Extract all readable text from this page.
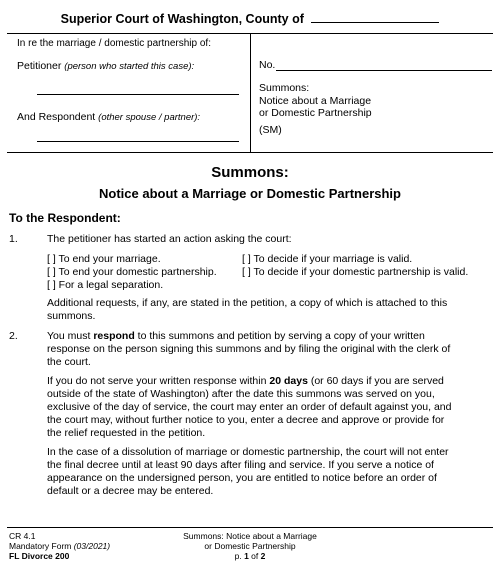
Superior Court of Washington, County of
In re the marriage / domestic partnership of:
Petitioner (person who started this case):
And Respondent (other spouse / partner):
No.
Summons:
Notice about a Marriage
or Domestic Partnership
(SM)
Summons:
Notice about a Marriage or Domestic Partnership
To the Respondent:
1.	The petitioner has started an action asking the court:
[ ] To end your marriage.	[ ] To decide if your marriage is valid.
[ ] To end your domestic partnership. [ ] To decide if your domestic partnership is valid.
[ ] For a legal separation.
Additional requests, if any, are stated in the petition, a copy of which is attached to this
summons.
2.	You must respond to this summons and petition by serving a copy of your written
response on the person signing this summons and by filing the original with the clerk of
the court.
If you do not serve your written response within 20 days (or 60 days if you are served
outside of the state of Washington) after the date this summons was served on you,
exclusive of the day of service, the court may enter an order of default against you, and
the court may, without further notice to you, enter a decree and approve or provide for
the relief requested in the petition.
In the case of a dissolution of marriage or domestic partnership, the court will not enter
the final decree until at least 90 days after filing and service. If you serve a notice of
appearance on the undersigned person, you are entitled to notice before an order of
default or a decree may be entered.
CR 4.1
Mandatory Form (03/2021)
FL Divorce 200
Summons: Notice about a Marriage
or Domestic Partnership
p. 1 of 2
